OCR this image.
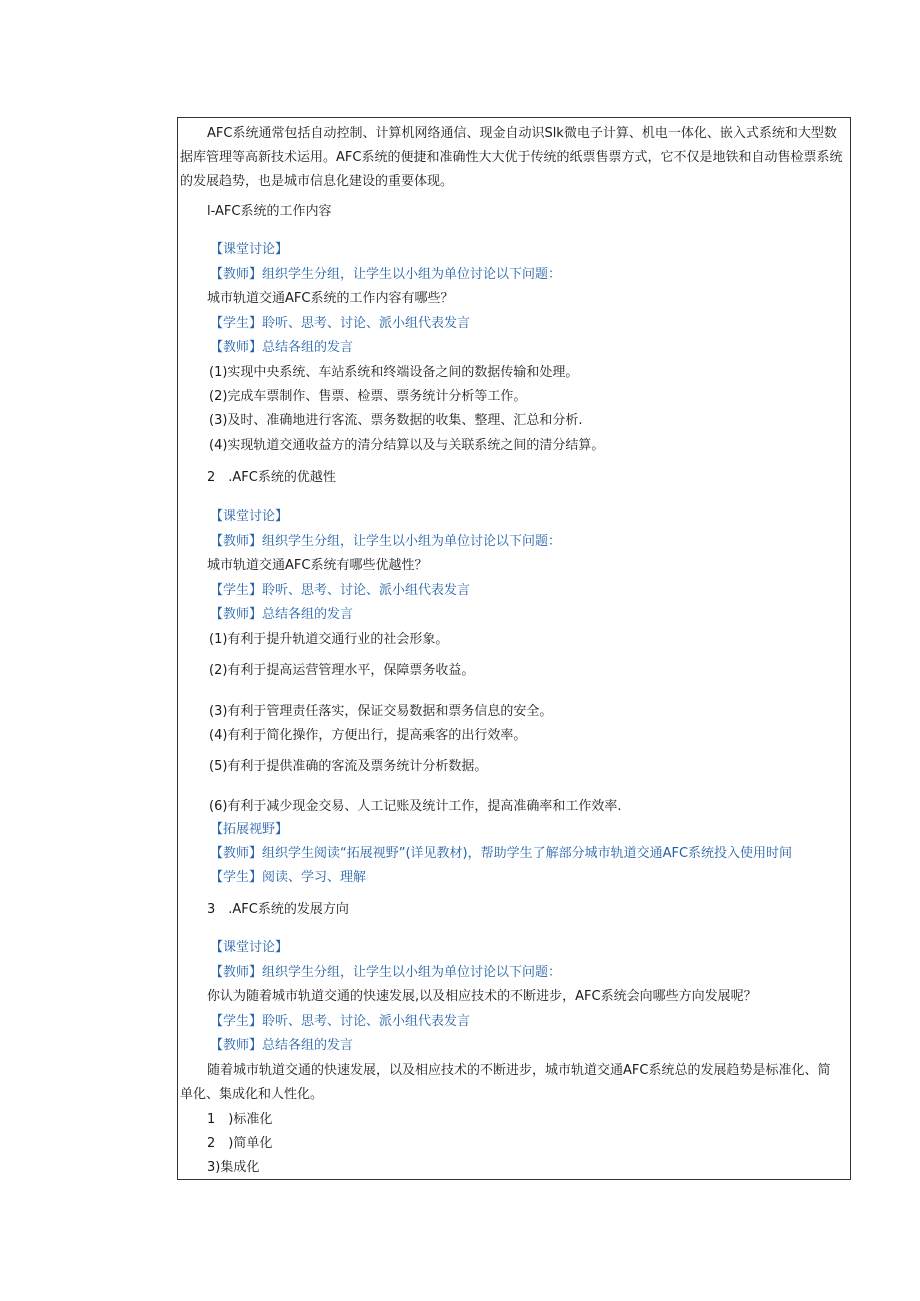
AFC系统通常包括自动控制、计算机网络通信、现金自动识Slk微电子计算、机电一体化、嵌入式系统和大型数
据库管理等高新技术运用。AFC系统的便捷和准确性大大优于传统的纸票售票方式，它不仅是地铁和自动售检票系统
的发展趋势，也是城市信息化建设的重要体现。
l-AFC系统的工作内容
【课堂讨论】
【教师】组织学生分组，让学生以小组为单位讨论以下问题：
城市轨道交通AFC系统的工作内容有哪些？
【学生】聆听、思考、讨论、派小组代表发言
【教师】总结各组的发言
(1)实现中央系统、车站系统和终端设备之间的数据传输和处理。
(2)完成车票制作、售票、检票、票务统计分析等工作。
(3)及时、准确地进行客流、票务数据的收集、整理、汇总和分析.
(4)实现轨道交通收益方的清分结算以及与关联系统之间的清分结算。
2　.AFC系统的优越性
【课堂讨论】
【教师】组织学生分组，让学生以小组为单位讨论以下问题：
城市轨道交通AFC系统有哪些优越性？
【学生】聆听、思考、讨论、派小组代表发言
【教师】总结各组的发言
(1)有利于提升轨道交通行业的社会形象。
(2)有利于提高运营管理水平，保障票务收益。
(3)有利于管理责任落实，保证交易数据和票务信息的安全。
(4)有利于简化操作，方便出行，提高乘客的出行效率。
(5)有利于提供准确的客流及票务统计分析数据。
(6)有利于减少现金交易、人工记账及统计工作，提高准确率和工作效率.
【拓展视野】
【教师】组织学生阅读“拓展视野”(详见教材)，帮助学生了解部分城市轨道交通AFC系统投入使用时间
【学生】阅读、学习、理解
3　.AFC系统的发展方向
【课堂讨论】
【教师】组织学生分组，让学生以小组为单位讨论以下问题：
你认为随着城市轨道交通的快速发展,以及相应技术的不断进步，AFC系统会向哪些方向发展呢？
【学生】聆听、思考、讨论、派小组代表发言
【教师】总结各组的发言
随着城市轨道交通的快速发展，以及相应技术的不断进步，城市轨道交通AFC系统总的发展趋势是标准化、简
单化、集成化和人性化。
1　)标准化
2　)简单化
3)集成化
